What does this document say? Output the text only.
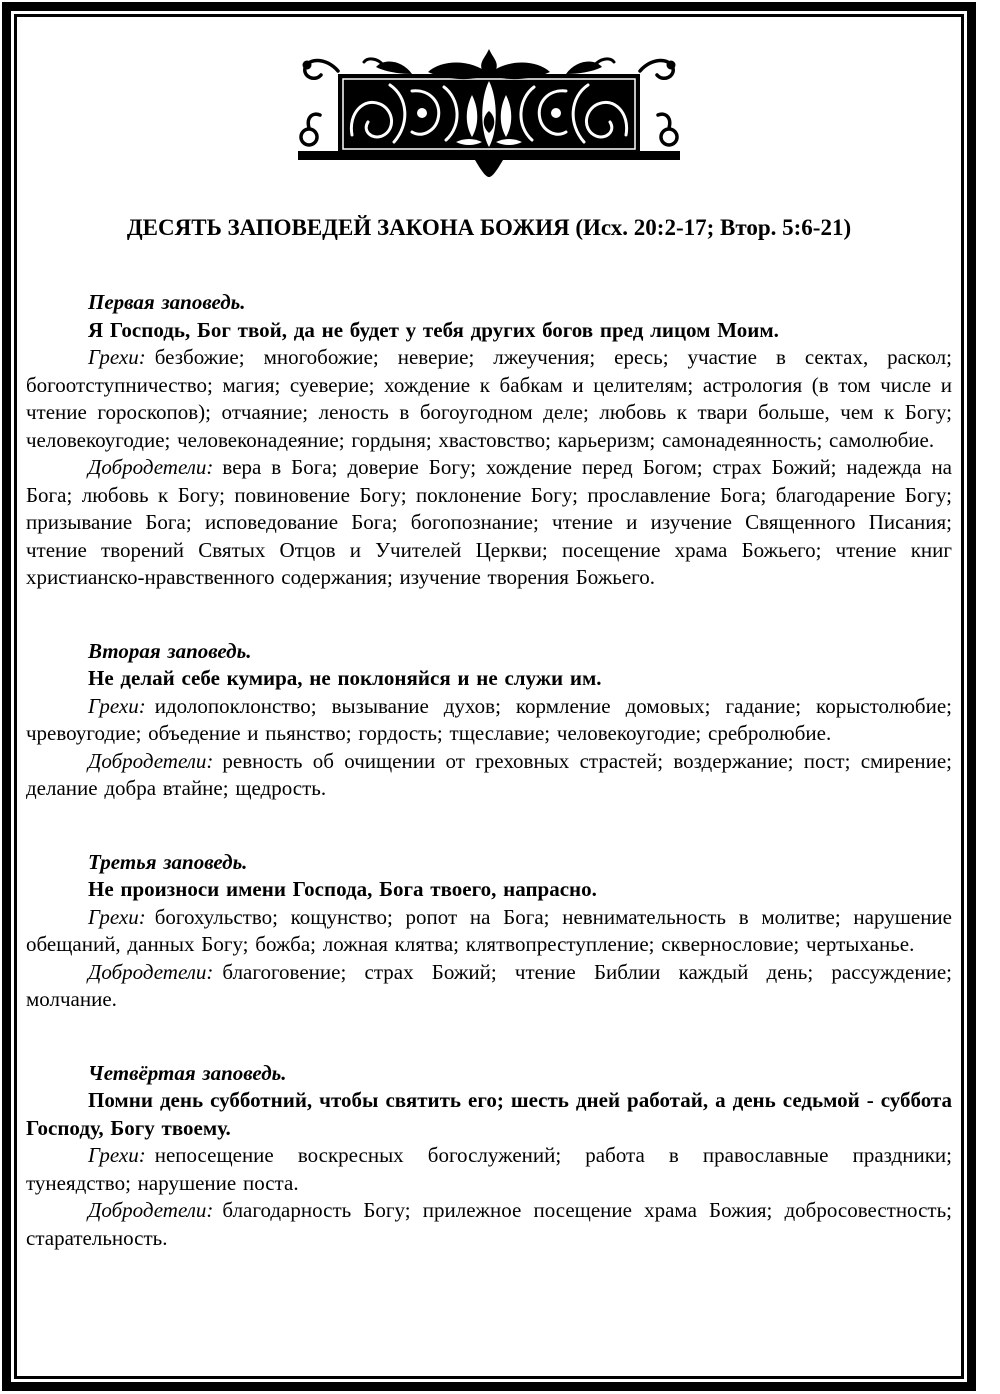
ДЕСЯТЬ ЗАПОВЕДЕЙ ЗАКОНА БОЖИЯ (Исх. 20:2-17; Втор. 5:6-21)

Первая заповедь.

Я Господь, Бог твой, да не будет у тебя других богов пред лицом Моим.

Грехи: безбожие; многобожие; неверие; лжеучения; ересь; участие в сектах, раскол; богоотступничество; магия; суеверие; хождение к бабкам и целителям; астрология (в том числе и чтение гороскопов); отчаяние; леность в богоугодном деле; любовь к твари больше, чем к Богу; человекоугодие; человеконадеяние; гордыня; хвастовство; карьеризм; самонадеянность; самолюбие.

Добродетели: вера в Бога; доверие Богу; хождение перед Богом; страх Божий; надежда на Бога; любовь к Богу; повиновение Богу; поклонение Богу; прославление Бога; благодарение Богу; призывание Бога; исповедование Бога; богопознание; чтение и изучение Священного Писания; чтение творений Святых Отцов и Учителей Церкви; посещение храма Божьего; чтение книг христианско-нравственного содержания; изучение творения Божьего.

Вторая заповедь.

Не делай себе кумира, не поклоняйся и не служи им.

Грехи: идолопоклонство; вызывание духов; кормление домовых; гадание; корыстолюбие; чревоугодие; объедение и пьянство; гордость; тщеславие; человекоугодие; сребролюбие.

Добродетели: ревность об очищении от греховных страстей; воздержание; пост; смирение; делание добра втайне; щедрость.

Третья заповедь.

Не произноси имени Господа, Бога твоего, напрасно.

Грехи: богохульство; кощунство; ропот на Бога; невнимательность в молитве; нарушение обещаний, данных Богу; божба; ложная клятва; клятвопреступление; сквернословие; чертыханье.

Добродетели: благоговение; страх Божий; чтение Библии каждый день; рассуждение; молчание.

Четвёртая заповедь.

Помни день субботний, чтобы святить его; шесть дней работай, а день седьмой - суббота Господу, Богу твоему.

Грехи: непосещение воскресных богослужений; работа в православные праздники; тунеядство; нарушение поста.

Добродетели: благодарность Богу; прилежное посещение храма Божия; добросовестность; старательность.
